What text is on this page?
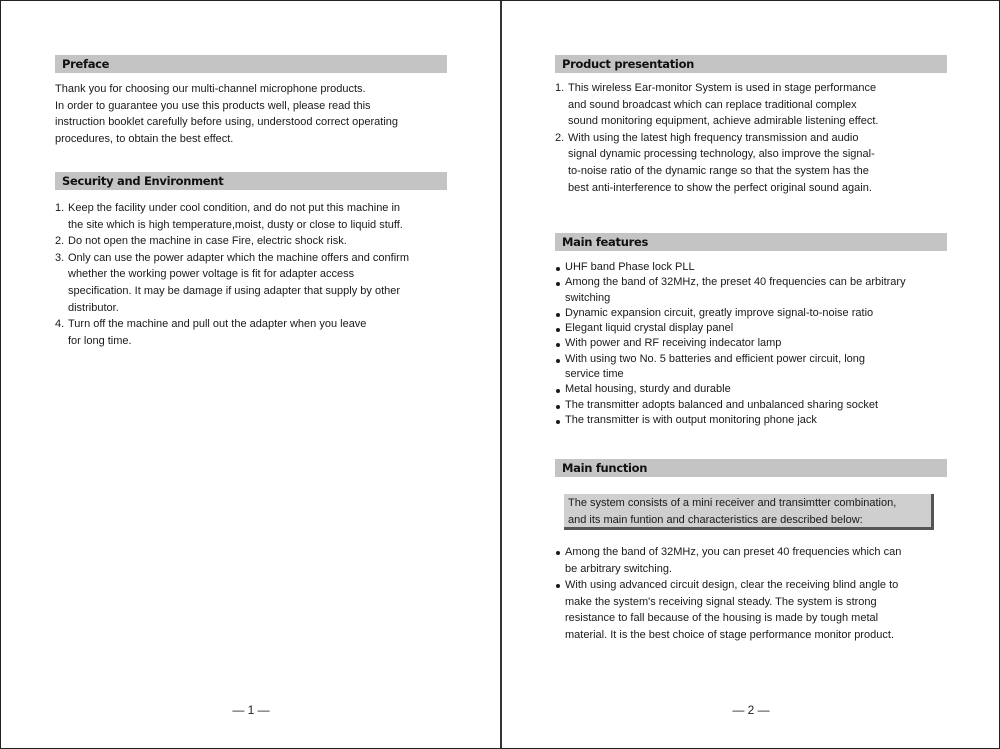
Preface

Thank you for choosing our multi-channel microphone products.

In order to guarantee you use this products well, please read this

instruction booklet carefully before using, understood correct operating

procedures, to obtain the best effect.

Security and Environment
1. Keep the facility under cool condition, and do not put this machine in

the site which is high temperature,moist, dusty or close to liquid stuff.

2. Do not open the machine in case Fire, electric shock risk.

3. Only can use the power adapter which the machine offers and confirm

whether the working power voltage is fit for adapter access

specification. It may be damage if using adapter that supply by other

distributor.

4. Turn off the machine and pull out the adapter when you leave

for long time.

— 1 —
Product presentation
1. This wireless Ear-monitor System is used in stage performance

and sound broadcast which can replace traditional complex

sound monitoring equipment, achieve admirable listening effect.

2. With using the latest high frequency transmission and audio

signal dynamic processing technology, also improve the signal-

to-noise ratio of the dynamic range so that the system has the

best anti-interference to show the perfect original sound again.

Main features

UHF band Phase lock PLL

Among the band of 32MHz, the preset 40 frequencies can be arbitrary

switching

Dynamic expansion circuit, greatly improve signal-to-noise ratio

Elegant liquid crystal display panel

With power and RF receiving indecator lamp

With using two No. 5 batteries and efficient power circuit, long

service time

Metal housing, sturdy and durable

The transmitter adopts balanced and unbalanced sharing socket

The transmitter is with output monitoring phone jack

Main function

The system consists of a mini receiver and transimtter combination,

and its main funtion and characteristics are described below:

Among the band of 32MHz, you can preset 40 frequencies which can

be arbitrary switching.

With using advanced circuit design, clear the receiving blind angle to

make the system's receiving signal steady. The system is strong

resistance to fall because of the housing is made by tough metal

material. It is the best choice of stage performance monitor product.

— 2 —
